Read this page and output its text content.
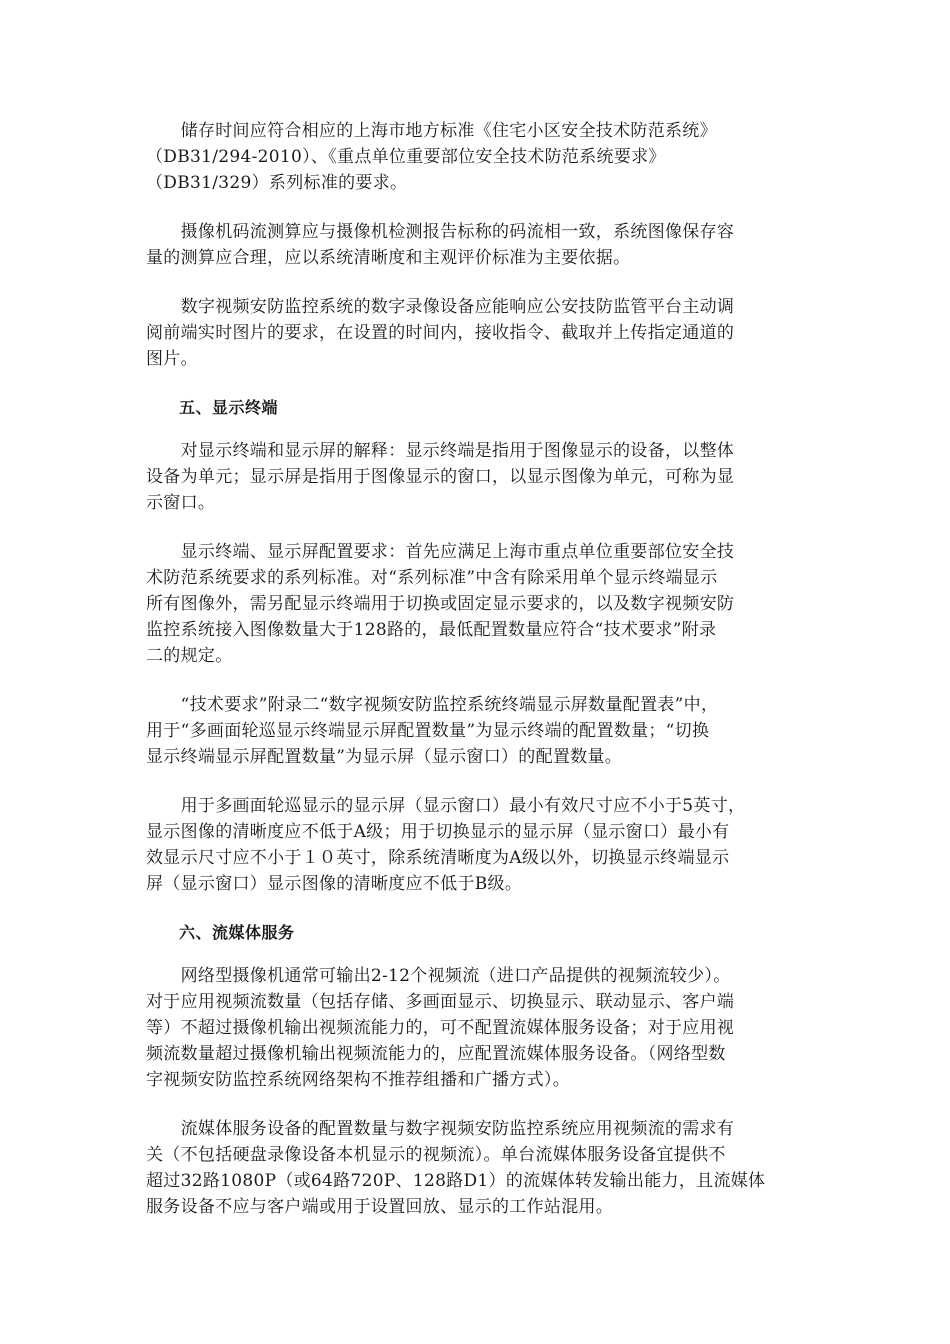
　　储存时间应符合相应的上海市地方标准《住宅小区安全技术防范系统》
（DB31/294-2010）、《重点单位重要部位安全技术防范系统要求》
（DB31/329）系列标准的要求。

　　摄像机码流测算应与摄像机检测报告标称的码流相一致，系统图像保存容
量的测算应合理，应以系统清晰度和主观评价标准为主要依据。

　　数字视频安防监控系统的数字录像设备应能响应公安技防监管平台主动调
阅前端实时图片的要求，在设置的时间内，接收指令、截取并上传指定通道的
图片。

五、显示终端

　　对显示终端和显示屏的解释：显示终端是指用于图像显示的设备，以整体
设备为单元；显示屏是指用于图像显示的窗口，以显示图像为单元，可称为显
示窗口。

　　显示终端、显示屏配置要求：首先应满足上海市重点单位重要部位安全技
术防范系统要求的系列标准。对“系列标准”中含有除采用单个显示终端显示
所有图像外，需另配显示终端用于切换或固定显示要求的，以及数字视频安防
监控系统接入图像数量大于128路的，最低配置数量应符合“技术要求”附录
二的规定。

　　“技术要求”附录二“数字视频安防监控系统终端显示屏数量配置表”中，
用于“多画面轮巡显示终端显示屏配置数量”为显示终端的配置数量；“切换
显示终端显示屏配置数量”为显示屏（显示窗口）的配置数量。

　　用于多画面轮巡显示的显示屏（显示窗口）最小有效尺寸应不小于5英寸，
显示图像的清晰度应不低于A级；用于切换显示的显示屏（显示窗口）最小有
效显示尺寸应不小于１０英寸，除系统清晰度为A级以外，切换显示终端显示
屏（显示窗口）显示图像的清晰度应不低于B级。

六、流媒体服务

　　网络型摄像机通常可输出2-12个视频流（进口产品提供的视频流较少）。
对于应用视频流数量（包括存储、多画面显示、切换显示、联动显示、客户端
等）不超过摄像机输出视频流能力的，可不配置流媒体服务设备；对于应用视
频流数量超过摄像机输出视频流能力的，应配置流媒体服务设备。（网络型数
字视频安防监控系统网络架构不推荐组播和广播方式）。

　　流媒体服务设备的配置数量与数字视频安防监控系统应用视频流的需求有
关（不包括硬盘录像设备本机显示的视频流）。单台流媒体服务设备宜提供不
超过32路1080P（或64路720P、128路D1）的流媒体转发输出能力，且流媒体
服务设备不应与客户端或用于设置回放、显示的工作站混用。
